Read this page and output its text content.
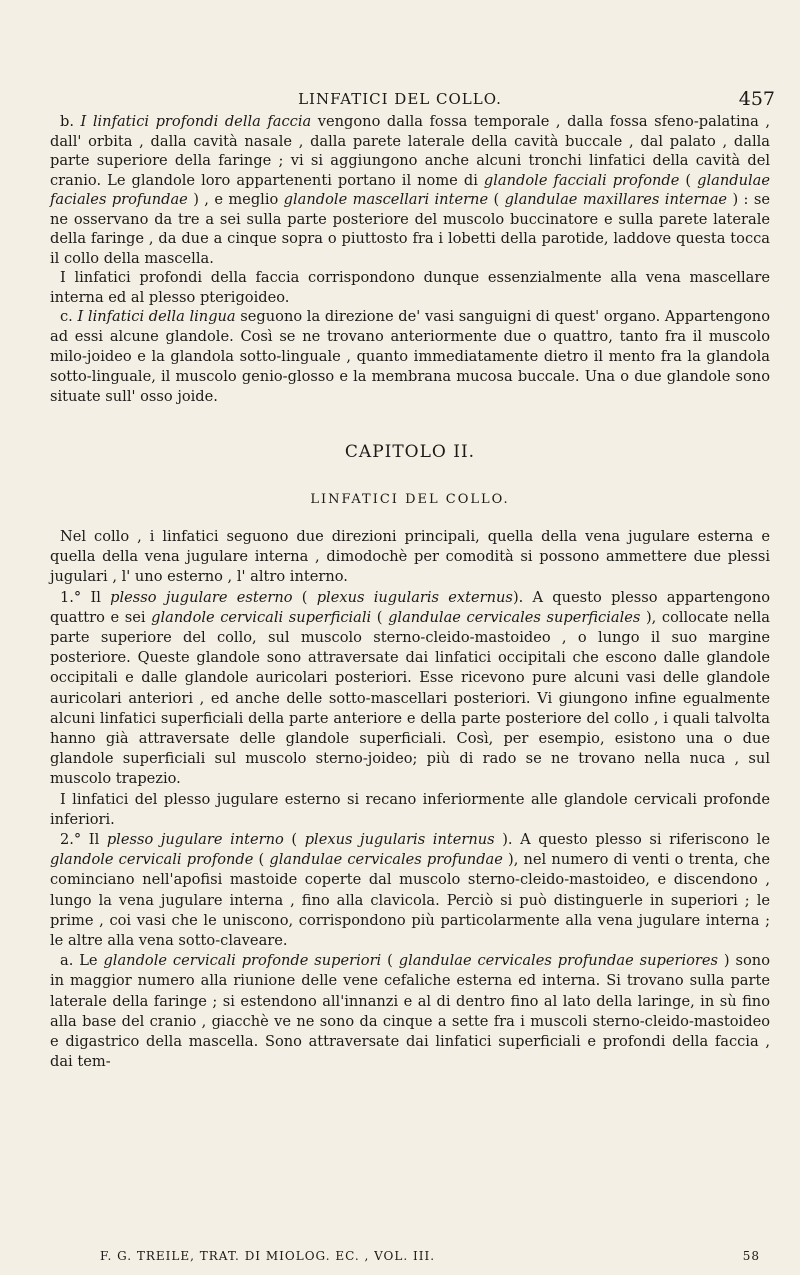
LINFATICI DEL COLLO.	457

b. I linfatici profondi della faccia vengono dalla fossa temporale , dalla fossa sfeno-palatina , dall' orbita , dalla cavità nasale , dalla parete laterale della cavità buccale , dal palato , dalla parte superiore della faringe ; vi si aggiungono anche alcuni tronchi linfatici della cavità del cranio. Le glandole loro appartenenti portano il nome di glandole facciali profonde ( glandulae faciales profundae ) , e meglio glandole mascellari interne ( glandulae maxillares internae ) : se ne osservano da tre a sei sulla parte posteriore del muscolo buccinatore e sulla parete laterale della faringe , da due a cinque sopra o piuttosto fra i lobetti della parotide, laddove questa tocca il collo della mascella.

I linfatici profondi della faccia corrispondono dunque essenzialmente alla vena mascellare interna ed al plesso pterigoideo.

c. I linfatici della lingua seguono la direzione de' vasi sanguigni di quest' organo. Appartengono ad essi alcune glandole. Così se ne trovano anteriormente due o quattro, tanto fra il muscolo milo-joideo e la glandola sotto-linguale , quanto immediatamente dietro il mento fra la glandola sotto-linguale, il muscolo genio-glosso e la membrana mucosa buccale. Una o due glandole sono situate sull' osso joide.

CAPITOLO II.
LINFATICI DEL COLLO.

Nel collo , i linfatici seguono due direzioni principali, quella della vena jugulare esterna e quella della vena jugulare interna , dimodochè per comodità si possono ammettere due plessi jugulari , l' uno esterno , l' altro interno.

1.° Il plesso jugulare esterno ( plexus iugularis externus). A questo plesso appartengono quattro e sei glandole cervicali superficiali ( glandulae cervicales superficiales ), collocate nella parte superiore del collo, sul muscolo sterno-cleido-mastoideo , o lungo il suo margine posteriore. Queste glandole sono attraversate dai linfatici occipitali che escono dalle glandole occipitali e dalle glandole auricolari posteriori. Esse ricevono pure alcuni vasi delle glandole auricolari anteriori , ed anche delle sotto-mascellari posteriori. Vi giungono infine egualmente alcuni linfatici superficiali della parte anteriore e della parte posteriore del collo , i quali talvolta hanno già attraversate delle glandole superficiali. Così, per esempio, esistono una o due glandole superficiali sul muscolo sterno-joideo; più di rado se ne trovano nella nuca , sul muscolo trapezio.

I linfatici del plesso jugulare esterno si recano inferiormente alle glandole cervicali profonde inferiori.

2.° Il plesso jugulare interno ( plexus jugularis internus ). A questo plesso si riferiscono le glandole cervicali profonde ( glandulae cervicales profundae ), nel numero di venti o trenta, che cominciano nell'apofisi mastoide coperte dal muscolo sterno-cleido-mastoideo, e discendono , lungo la vena jugulare interna , fino alla clavicola. Perciò si può distinguerle in superiori ; le prime , coi vasi che le uniscono, corrispondono più particolarmente alla vena jugulare interna ; le altre alla vena sotto-claveare.

a. Le glandole cervicali profonde superiori ( glandulae cervicales profundae superiores ) sono in maggior numero alla riunione delle vene cefaliche esterna ed interna. Si trovano sulla parte laterale della faringe ; si estendono all'innanzi e al di dentro fino al lato della laringe, in sù fino alla base del cranio , giacchè ve ne sono da cinque a sette fra i muscoli sterno-cleido-mastoideo e digastrico della mascella. Sono attraversate dai linfatici superficiali e profondi della faccia , dai tem-

F. G. TREILE, TRAT. DI MIOLOG. EC. , VOL. III.	58
